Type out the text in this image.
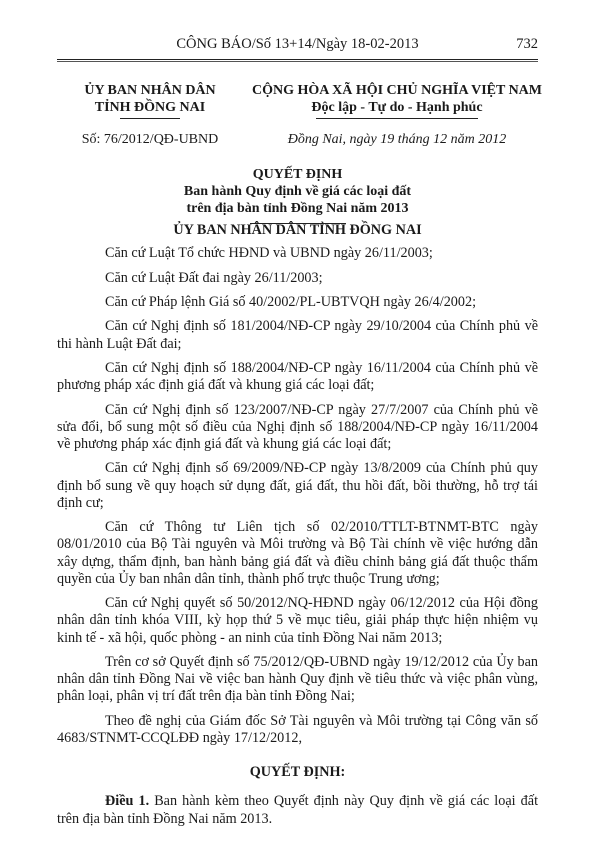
CÔNG BÁO/Số 13+14/Ngày 18-02-2013	732
ỦY BAN NHÂN DÂN
TỈNH ĐỒNG NAI
Số: 76/2012/QĐ-UBND
CỘNG HÒA XÃ HỘI CHỦ NGHĨA VIỆT NAM
Độc lập - Tự do - Hạnh phúc
Đồng Nai, ngày 19 tháng 12 năm 2012
QUYẾT ĐỊNH
Ban hành Quy định về giá các loại đất
trên địa bàn tỉnh Đồng Nai năm 2013
ỦY BAN NHÂN DÂN TỈNH ĐỒNG NAI

Căn cứ Luật Tổ chức HĐND và UBND ngày 26/11/2003;

Căn cứ Luật Đất đai ngày 26/11/2003;

Căn cứ Pháp lệnh Giá số 40/2002/PL-UBTVQH ngày 26/4/2002;

Căn cứ Nghị định số 181/2004/NĐ-CP ngày 29/10/2004 của Chính phủ về thi hành Luật Đất đai;

Căn cứ Nghị định số 188/2004/NĐ-CP ngày 16/11/2004 của Chính phủ về phương pháp xác định giá đất và khung giá các loại đất;

Căn cứ Nghị định số 123/2007/NĐ-CP ngày 27/7/2007 của Chính phủ về sửa đổi, bổ sung một số điều của Nghị định số 188/2004/NĐ-CP ngày 16/11/2004 về phương pháp xác định giá đất và khung giá các loại đất;

Căn cứ Nghị định số 69/2009/NĐ-CP ngày 13/8/2009 của Chính phủ quy định bổ sung về quy hoạch sử dụng đất, giá đất, thu hồi đất, bồi thường, hỗ trợ tái định cư;

Căn cứ Thông tư Liên tịch số 02/2010/TTLT-BTNMT-BTC ngày 08/01/2010 của Bộ Tài nguyên và Môi trường và Bộ Tài chính về việc hướng dẫn xây dựng, thẩm định, ban hành bảng giá đất và điều chỉnh bảng giá đất thuộc thẩm quyền của Ủy ban nhân dân tỉnh, thành phố trực thuộc Trung ương;

Căn cứ Nghị quyết số 50/2012/NQ-HĐND ngày 06/12/2012 của Hội đồng nhân dân tỉnh khóa VIII, kỳ họp thứ 5 về mục tiêu, giải pháp thực hiện nhiệm vụ kinh tế - xã hội, quốc phòng - an ninh của tỉnh Đồng Nai năm 2013;

Trên cơ sở Quyết định số 75/2012/QĐ-UBND ngày 19/12/2012 của Ủy ban nhân dân tỉnh Đồng Nai về việc ban hành Quy định về tiêu thức và việc phân vùng, phân loại, phân vị trí đất trên địa bàn tỉnh Đồng Nai;

Theo đề nghị của Giám đốc Sở Tài nguyên và Môi trường tại Công văn số 4683/STNMT-CCQLĐĐ ngày 17/12/2012,

QUYẾT ĐỊNH:

Điều 1. Ban hành kèm theo Quyết định này Quy định về giá các loại đất trên địa bàn tỉnh Đồng Nai năm 2013.
